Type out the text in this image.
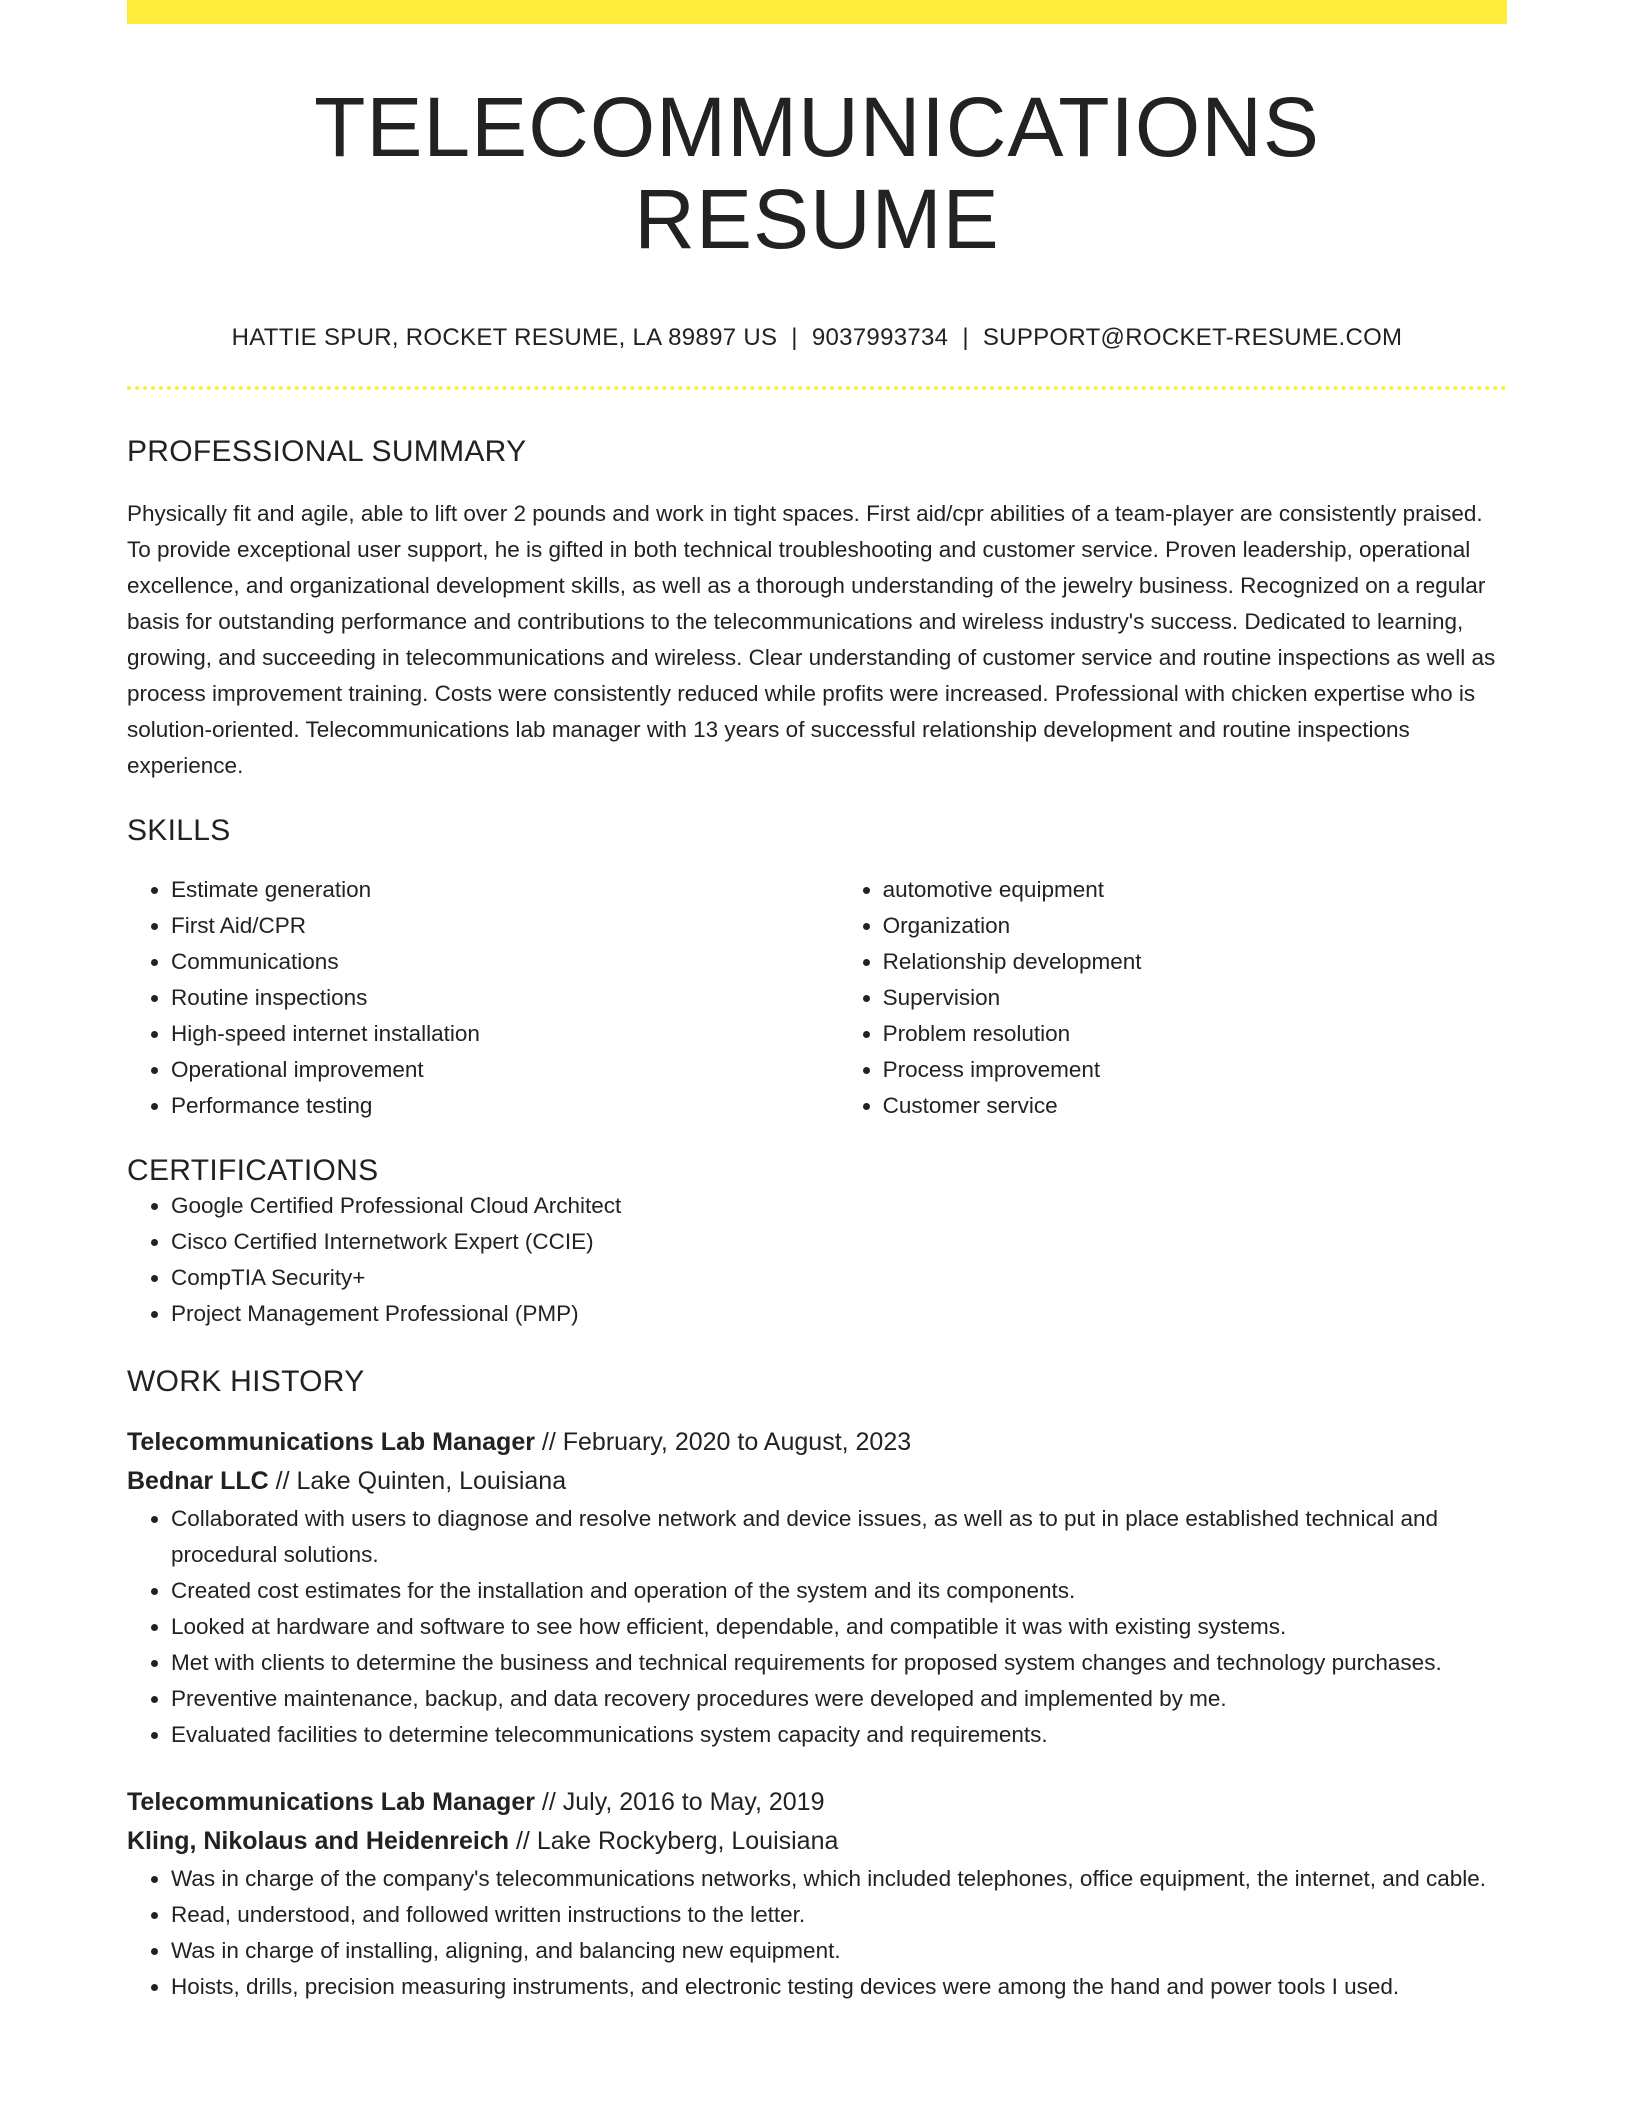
TELECOMMUNICATIONS RESUME
HATTIE SPUR, ROCKET RESUME, LA 89897 US | 9037993734 | SUPPORT@ROCKET-RESUME.COM
PROFESSIONAL SUMMARY

Physically fit and agile, able to lift over 2 pounds and work in tight spaces. First aid/cpr abilities of a team-player are consistently praised. To provide exceptional user support, he is gifted in both technical troubleshooting and customer service. Proven leadership, operational excellence, and organizational development skills, as well as a thorough understanding of the jewelry business. Recognized on a regular basis for outstanding performance and contributions to the telecommunications and wireless industry's success. Dedicated to learning, growing, and succeeding in telecommunications and wireless. Clear understanding of customer service and routine inspections as well as process improvement training. Costs were consistently reduced while profits were increased. Professional with chicken expertise who is solution-oriented. Telecommunications lab manager with 13 years of successful relationship development and routine inspections experience.

SKILLS
• Estimate generation
• First Aid/CPR
• Communications
• Routine inspections
• High-speed internet installation
• Operational improvement
• Performance testing
• automotive equipment
• Organization
• Relationship development
• Supervision
• Problem resolution
• Process improvement
• Customer service
CERTIFICATIONS
• Google Certified Professional Cloud Architect
• Cisco Certified Internetwork Expert (CCIE)
• CompTIA Security+
• Project Management Professional (PMP)
WORK HISTORY
Telecommunications Lab Manager // February, 2020 to August, 2023
Bednar LLC // Lake Quinten, Louisiana
• Collaborated with users to diagnose and resolve network and device issues, as well as to put in place established technical and procedural solutions.
• Created cost estimates for the installation and operation of the system and its components.
• Looked at hardware and software to see how efficient, dependable, and compatible it was with existing systems.
• Met with clients to determine the business and technical requirements for proposed system changes and technology purchases.
• Preventive maintenance, backup, and data recovery procedures were developed and implemented by me.
• Evaluated facilities to determine telecommunications system capacity and requirements.
Telecommunications Lab Manager // July, 2016 to May, 2019
Kling, Nikolaus and Heidenreich // Lake Rockyberg, Louisiana
• Was in charge of the company's telecommunications networks, which included telephones, office equipment, the internet, and cable.
• Read, understood, and followed written instructions to the letter.
• Was in charge of installing, aligning, and balancing new equipment.
• Hoists, drills, precision measuring instruments, and electronic testing devices were among the hand and power tools I used.
